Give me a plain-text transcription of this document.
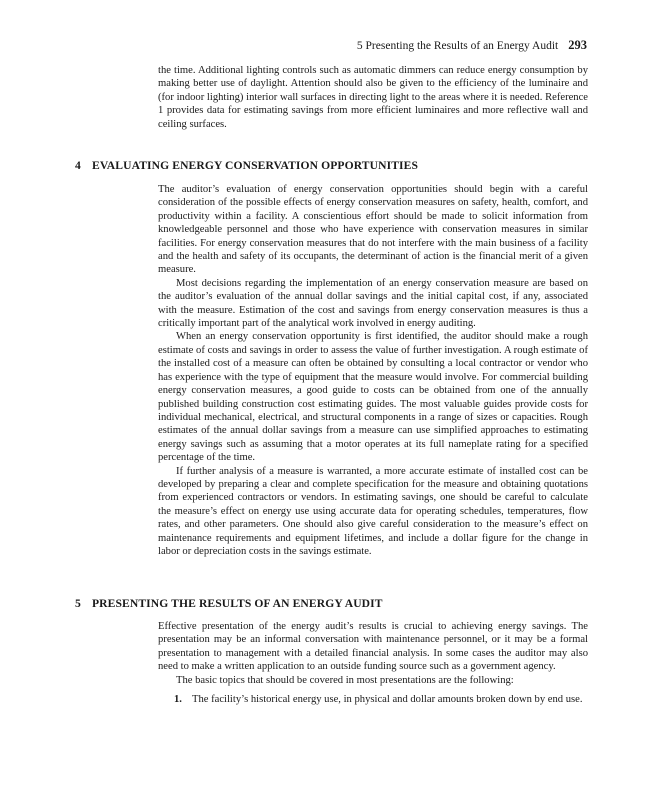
5 Presenting the Results of an Energy Audit 293

the time. Additional lighting controls such as automatic dimmers can reduce energy consumption by making better use of daylight. Attention should also be given to the efficiency of the luminaire and (for indoor lighting) interior wall surfaces in directing light to the areas where it is needed. Reference 1 provides data for estimating savings from more efficient luminaires and more reflective wall and ceiling surfaces.

4 EVALUATING ENERGY CONSERVATION OPPORTUNITIES

The auditor’s evaluation of energy conservation opportunities should begin with a careful consideration of the possible effects of energy conservation measures on safety, health, comfort, and productivity within a facility. A conscientious effort should be made to solicit information from knowledgeable personnel and those who have experience with conservation measures in similar facilities. For energy conservation measures that do not interfere with the main business of a facility and the health and safety of its occupants, the determinant of action is the financial merit of a given measure.

Most decisions regarding the implementation of an energy conservation measure are based on the auditor’s evaluation of the annual dollar savings and the initial capital cost, if any, associated with the measure. Estimation of the cost and savings from energy conservation measures is thus a critically important part of the analytical work involved in energy auditing.

When an energy conservation opportunity is first identified, the auditor should make a rough estimate of costs and savings in order to assess the value of further investigation. A rough estimate of the installed cost of a measure can often be obtained by consulting a local contractor or vendor who has experience with the type of equipment that the measure would involve. For commercial building energy conservation measures, a good guide to costs can be obtained from one of the annually published building construction cost estimating guides. The most valuable guides provide costs for individual mechanical, electrical, and structural components in a range of sizes or capacities. Rough estimates of the annual dollar savings from a measure can use simplified approaches to estimating energy savings such as assuming that a motor operates at its full nameplate rating for a specified percentage of the time.

If further analysis of a measure is warranted, a more accurate estimate of installed cost can be developed by preparing a clear and complete specification for the measure and obtaining quotations from experienced contractors or vendors. In estimating savings, one should be careful to calculate the measure’s effect on energy use using accurate data for operating schedules, temperatures, flow rates, and other parameters. One should also give careful consideration to the measure’s effect on maintenance requirements and equipment lifetimes, and include a dollar figure for the change in labor or depreciation costs in the savings estimate.

5 PRESENTING THE RESULTS OF AN ENERGY AUDIT

Effective presentation of the energy audit’s results is crucial to achieving energy savings. The presentation may be an informal conversation with maintenance personnel, or it may be a formal presentation to management with a detailed financial analysis. In some cases the auditor may also need to make a written application to an outside funding source such as a government agency.

The basic topics that should be covered in most presentations are the following:

1. The facility’s historical energy use, in physical and dollar amounts broken down by end use.
